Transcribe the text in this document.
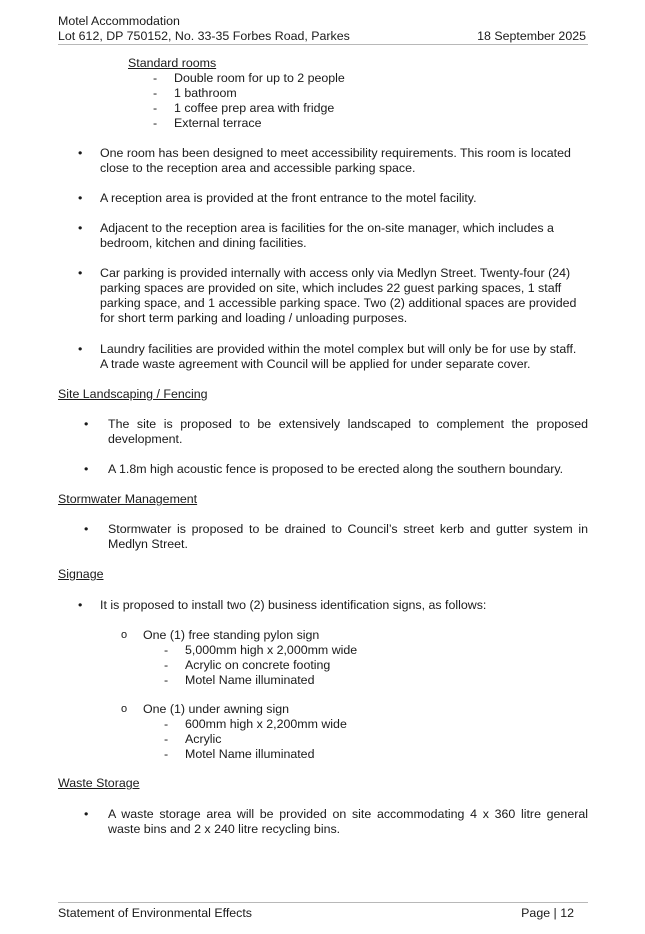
Motel Accommodation
Lot 612, DP 750152, No. 33-35 Forbes Road, Parkes	18 September 2025
Standard rooms
- Double room for up to 2 people
- 1 bathroom
- 1 coffee prep area with fridge
- External terrace
• One room has been designed to meet accessibility requirements. This room is located close to the reception area and accessible parking space.
• A reception area is provided at the front entrance to the motel facility.
• Adjacent to the reception area is facilities for the on-site manager, which includes a bedroom, kitchen and dining facilities.
• Car parking is provided internally with access only via Medlyn Street. Twenty-four (24) parking spaces are provided on site, which includes 22 guest parking spaces, 1 staff parking space, and 1 accessible parking space. Two (2) additional spaces are provided for short term parking and loading / unloading purposes.
• Laundry facilities are provided within the motel complex but will only be for use by staff. A trade waste agreement with Council will be applied for under separate cover.
Site Landscaping / Fencing
• The site is proposed to be extensively landscaped to complement the proposed development.
• A 1.8m high acoustic fence is proposed to be erected along the southern boundary.
Stormwater Management
• Stormwater is proposed to be drained to Council’s street kerb and gutter system in Medlyn Street.
Signage
• It is proposed to install two (2) business identification signs, as follows:
o One (1) free standing pylon sign
- 5,000mm high x 2,000mm wide
- Acrylic on concrete footing
- Motel Name illuminated
o One (1) under awning sign
- 600mm high x 2,200mm wide
- Acrylic
- Motel Name illuminated
Waste Storage
• A waste storage area will be provided on site accommodating 4 x 360 litre general waste bins and 2 x 240 litre recycling bins.
Statement of Environmental Effects	Page | 12
